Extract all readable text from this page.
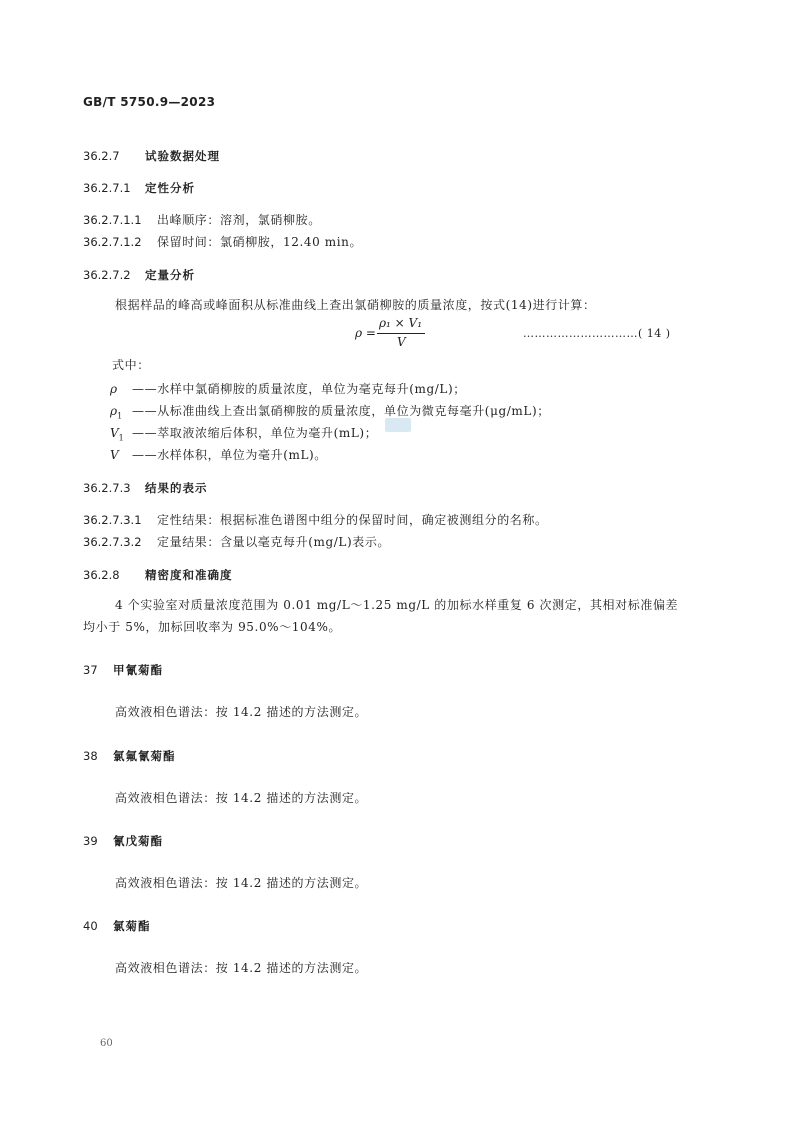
GB/T 5750.9—2023
36.2.7 试验数据处理
36.2.7.1 定性分析
36.2.7.1.1 出峰顺序：溶剂，氯硝柳胺。
36.2.7.1.2 保留时间：氯硝柳胺，12.40 min。
36.2.7.2 定量分析
根据样品的峰高或峰面积从标准曲线上查出氯硝柳胺的质量浓度，按式(14)进行计算：
ρ =
ρ₁ × V₁
V
…………………………( 14 )
式中：
ρ ——水样中氯硝柳胺的质量浓度，单位为毫克每升(mg/L)；
$\rho_1$ ——从标准曲线上查出氯硝柳胺的质量浓度，单位为微克每毫升(μg/mL)；
$V_1$ ——萃取液浓缩后体积，单位为毫升(mL)；
V ——水样体积，单位为毫升(mL)。
36.2.7.3 结果的表示
36.2.7.3.1 定性结果：根据标准色谱图中组分的保留时间，确定被测组分的名称。
36.2.7.3.2 定量结果：含量以毫克每升(mg/L)表示。
36.2.8 精密度和准确度
4 个实验室对质量浓度范围为 0.01 mg/L～1.25 mg/L 的加标水样重复 6 次测定，其相对标准偏差
均小于 5%，加标回收率为 95.0%～104%。
37 甲氰菊酯
高效液相色谱法：按 14.2 描述的方法测定。
38 氯氟氰菊酯
高效液相色谱法：按 14.2 描述的方法测定。
39 氰戊菊酯
高效液相色谱法：按 14.2 描述的方法测定。
40 氯菊酯
高效液相色谱法：按 14.2 描述的方法测定。
60
